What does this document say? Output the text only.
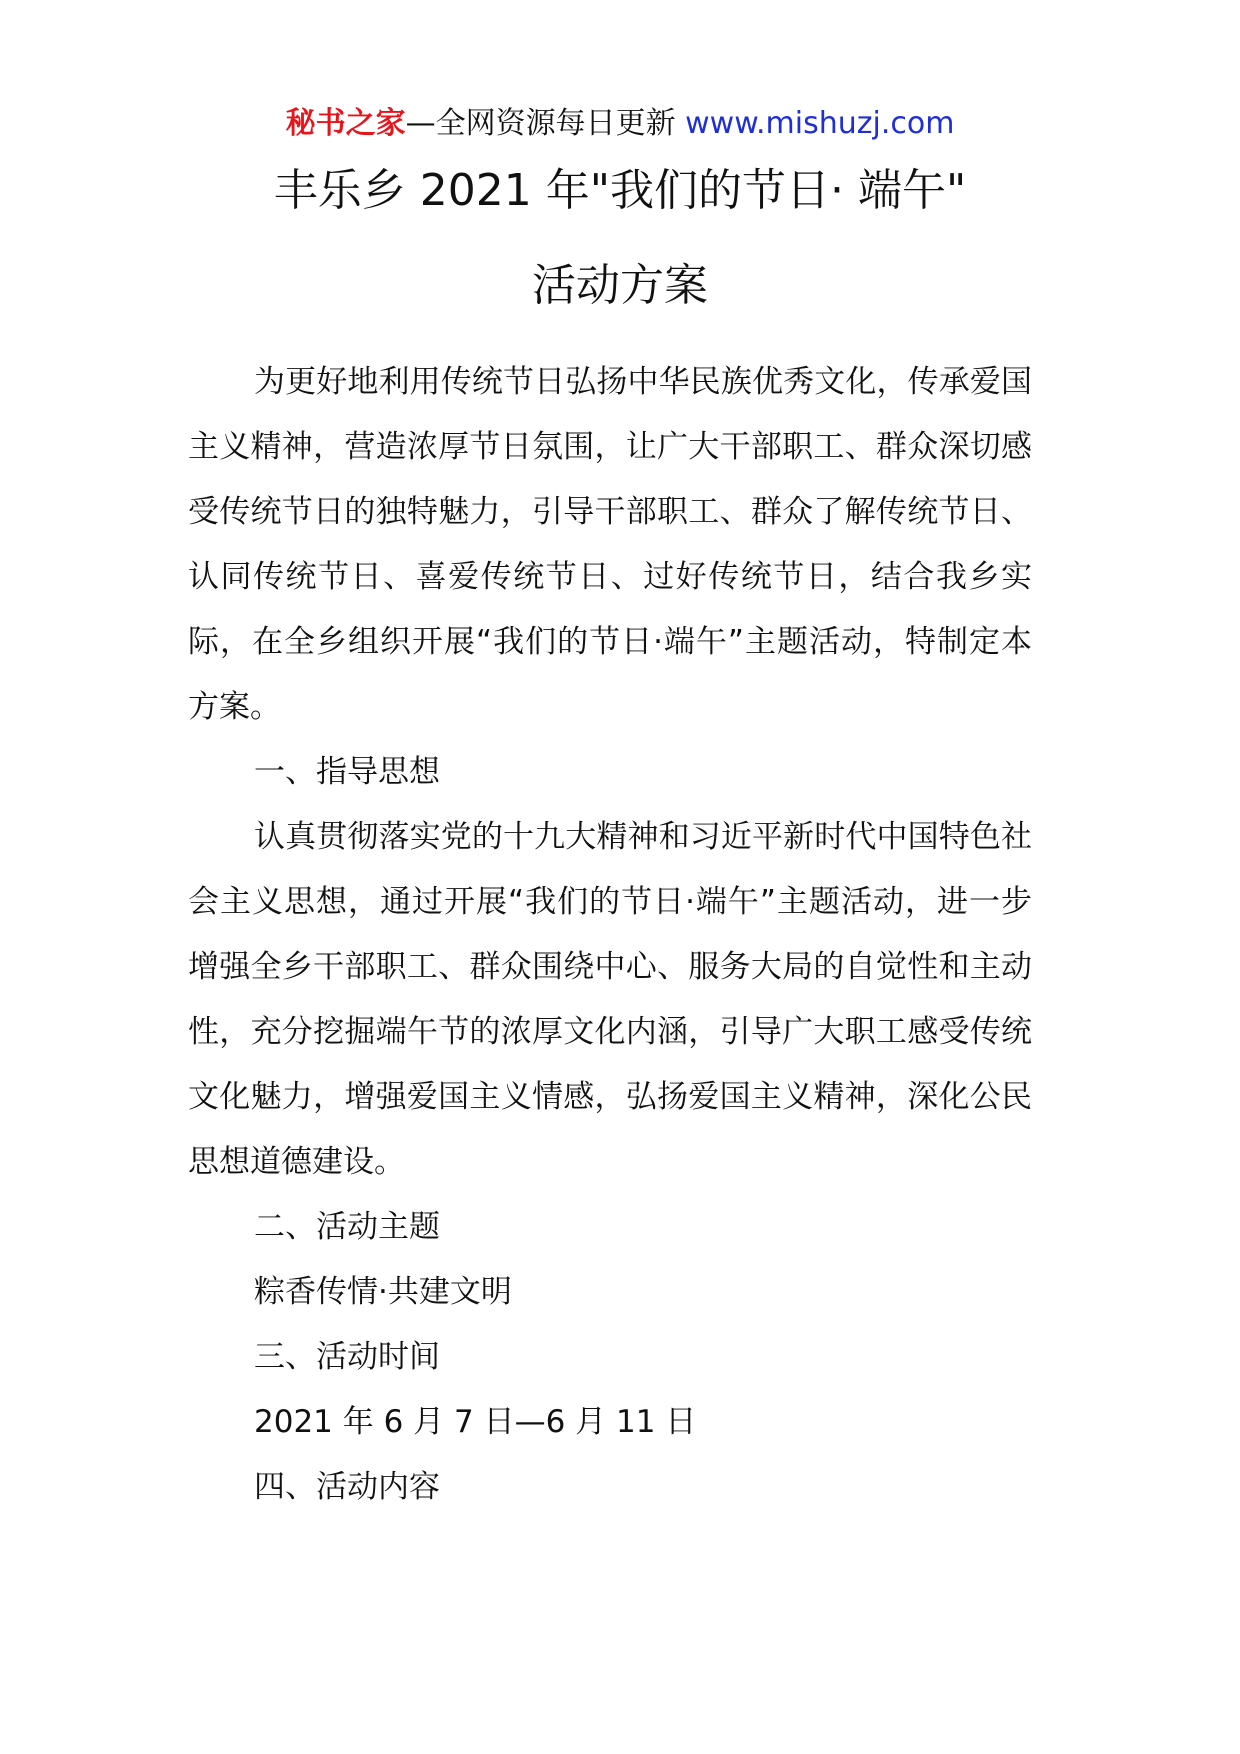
秘书之家—全网资源每日更新 www.mishuzj.com
丰乐乡 2021 年"我们的节日· 端午"
活动方案

为更好地利用传统节日弘扬中华民族优秀文化，传承爱国主义精神，营造浓厚节日氛围，让广大干部职工、群众深切感受传统节日的独特魅力，引导干部职工、群众了解传统节日、认同传统节日、喜爱传统节日、过好传统节日，结合我乡实际，在全乡组织开展“我们的节日·端午”主题活动，特制定本方案。

一、指导思想

认真贯彻落实党的十九大精神和习近平新时代中国特色社会主义思想，通过开展“我们的节日·端午”主题活动，进一步增强全乡干部职工、群众围绕中心、服务大局的自觉性和主动性，充分挖掘端午节的浓厚文化内涵，引导广大职工感受传统文化魅力，增强爱国主义情感，弘扬爱国主义精神，深化公民思想道德建设。

二、活动主题

粽香传情·共建文明

三、活动时间

2021 年 6 月 7 日—6 月 11 日

四、活动内容
